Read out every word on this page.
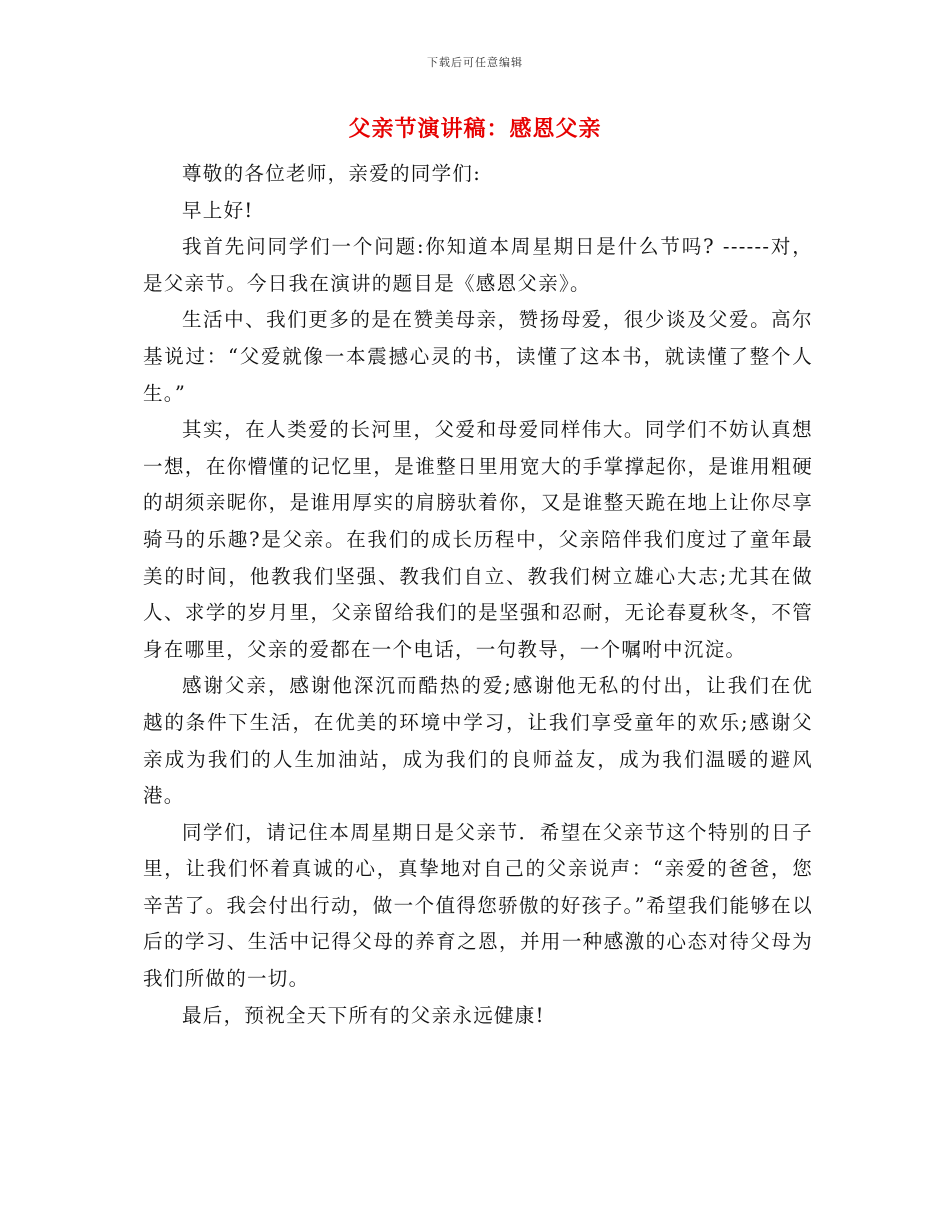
下载后可任意编辑
父亲节演讲稿：感恩父亲

尊敬的各位老师，亲爱的同学们:

早上好!

我首先问同学们一个问题:你知道本周星期日是什么节吗? ------对，是父亲节。今日我在演讲的题目是《感恩父亲》。

生活中、我们更多的是在赞美母亲，赞扬母爱，很少谈及父爱。高尔基说过：“父爱就像一本震撼心灵的书，读懂了这本书，就读懂了整个人生。”

其实，在人类爱的长河里，父爱和母爱同样伟大。同学们不妨认真想一想，在你懵懂的记忆里，是谁整日里用宽大的手掌撑起你，是谁用粗硬的胡须亲昵你，是谁用厚实的肩膀驮着你，又是谁整天跪在地上让你尽享骑马的乐趣?是父亲。在我们的成长历程中，父亲陪伴我们度过了童年最美的时间，他教我们坚强、教我们自立、教我们树立雄心大志;尤其在做人、求学的岁月里，父亲留给我们的是坚强和忍耐，无论春夏秋冬，不管身在哪里，父亲的爱都在一个电话，一句教导，一个嘱咐中沉淀。

感谢父亲，感谢他深沉而酷热的爱;感谢他无私的付出，让我们在优越的条件下生活，在优美的环境中学习，让我们享受童年的欢乐;感谢父亲成为我们的人生加油站，成为我们的良师益友，成为我们温暖的避风港。

同学们，请记住本周星期日是父亲节．希望在父亲节这个特别的日子里，让我们怀着真诚的心，真挚地对自己的父亲说声：“亲爱的爸爸，您辛苦了。我会付出行动，做一个值得您骄傲的好孩子。”希望我们能够在以后的学习、生活中记得父母的养育之恩，并用一种感激的心态对待父母为我们所做的一切。

最后，预祝全天下所有的父亲永远健康!
